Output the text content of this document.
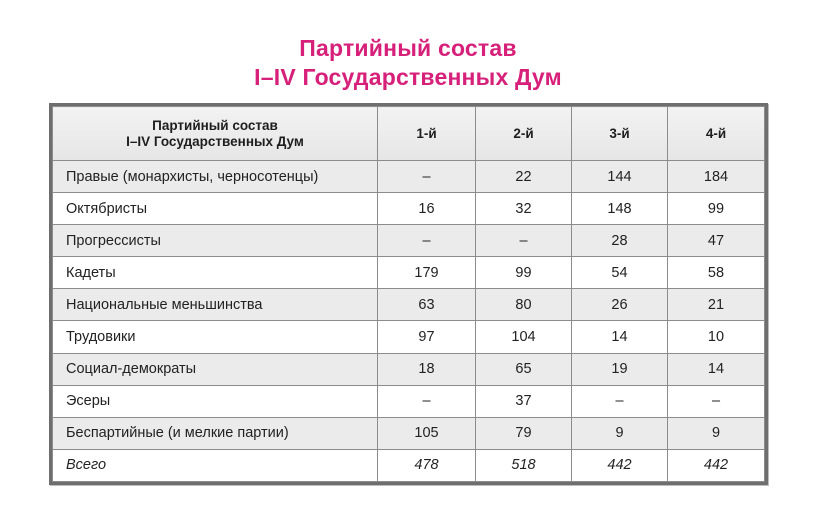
Партийный состав
I–IV Государственных Дум
Партийный состав
I–IV Государственных Дум	1-й	2-й	3-й	4-й
Правые (монархисты, черносотенцы)	–	22	144	184
Октябристы	16	32	148	99
Прогрессисты	–	–	28	47
Кадеты	179	99	54	58
Национальные меньшинства	63	80	26	21
Трудовики	97	104	14	10
Социал-демократы	18	65	19	14
Эсеры	–	37	–	–
Беспартийные (и мелкие партии)	105	79	9	9
Всего	478	518	442	442
